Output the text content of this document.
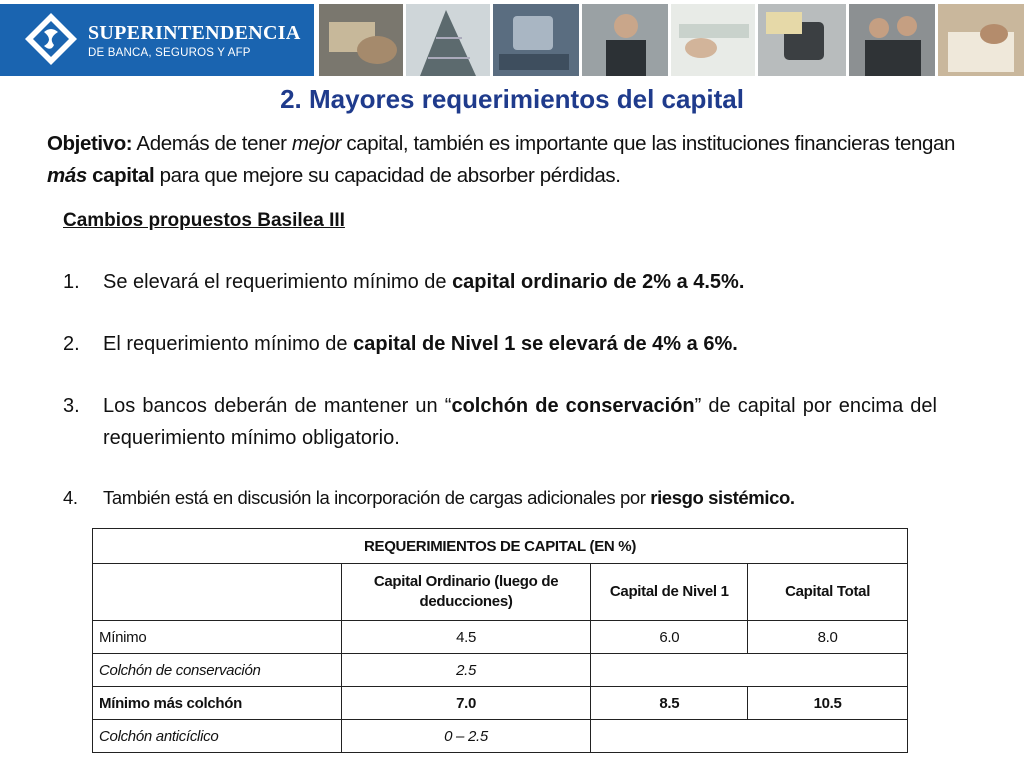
SUPERINTENDENCIA
DE BANCA, SEGUROS Y AFP
2. Mayores requerimientos del capital
Objetivo: Además de tener mejor capital, también es importante que las instituciones financieras tengan más capital para que mejore su capacidad de absorber pérdidas.
Cambios propuestos Basilea III
1.	Se elevará el requerimiento mínimo de capital ordinario de 2% a 4.5%.
2.	El requerimiento mínimo de capital de Nivel 1 se elevará de 4% a 6%.
3.	Los bancos deberán de mantener un “colchón de conservación” de capital por encima del requerimiento mínimo obligatorio.
4.	También está en discusión la incorporación de cargas adicionales por riesgo sistémico.
REQUERIMIENTOS DE CAPITAL (EN %)			
	Capital Ordinario (luego de deducciones)	Capital de Nivel 1	Capital Total
Mínimo	4.5	6.0	8.0
Colchón de conservación	2.5		
Mínimo más colchón	7.0	8.5	10.5
Colchón anticíclico	0 – 2.5		
